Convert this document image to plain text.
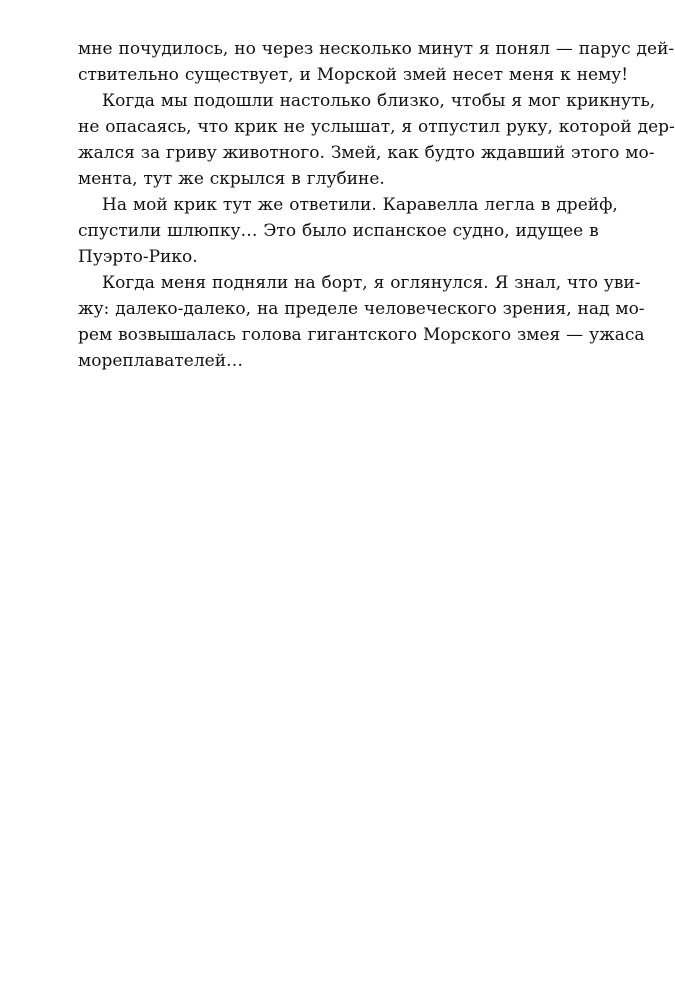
мне почудилось, но через несколько минут я понял — парус дей-
ствительно существует, и Морской змей несет меня к нему!
Когда мы подошли настолько близко, чтобы я мог крикнуть,
не опасаясь, что крик не услышат, я отпустил руку, которой дер-
жался за гриву животного. Змей, как будто ждавший этого мо-
мента, тут же скрылся в глубине.
На мой крик тут же ответили. Каравелла легла в дрейф,
спустили шлюпку… Это было испанское судно, идущее в
Пуэрто-Рико.
Когда меня подняли на борт, я оглянулся. Я знал, что уви-
жу: далеко-далеко, на пределе человеческого зрения, над мо-
рем возвышалась голова гигантского Морского змея — ужаса
мореплавателей…
